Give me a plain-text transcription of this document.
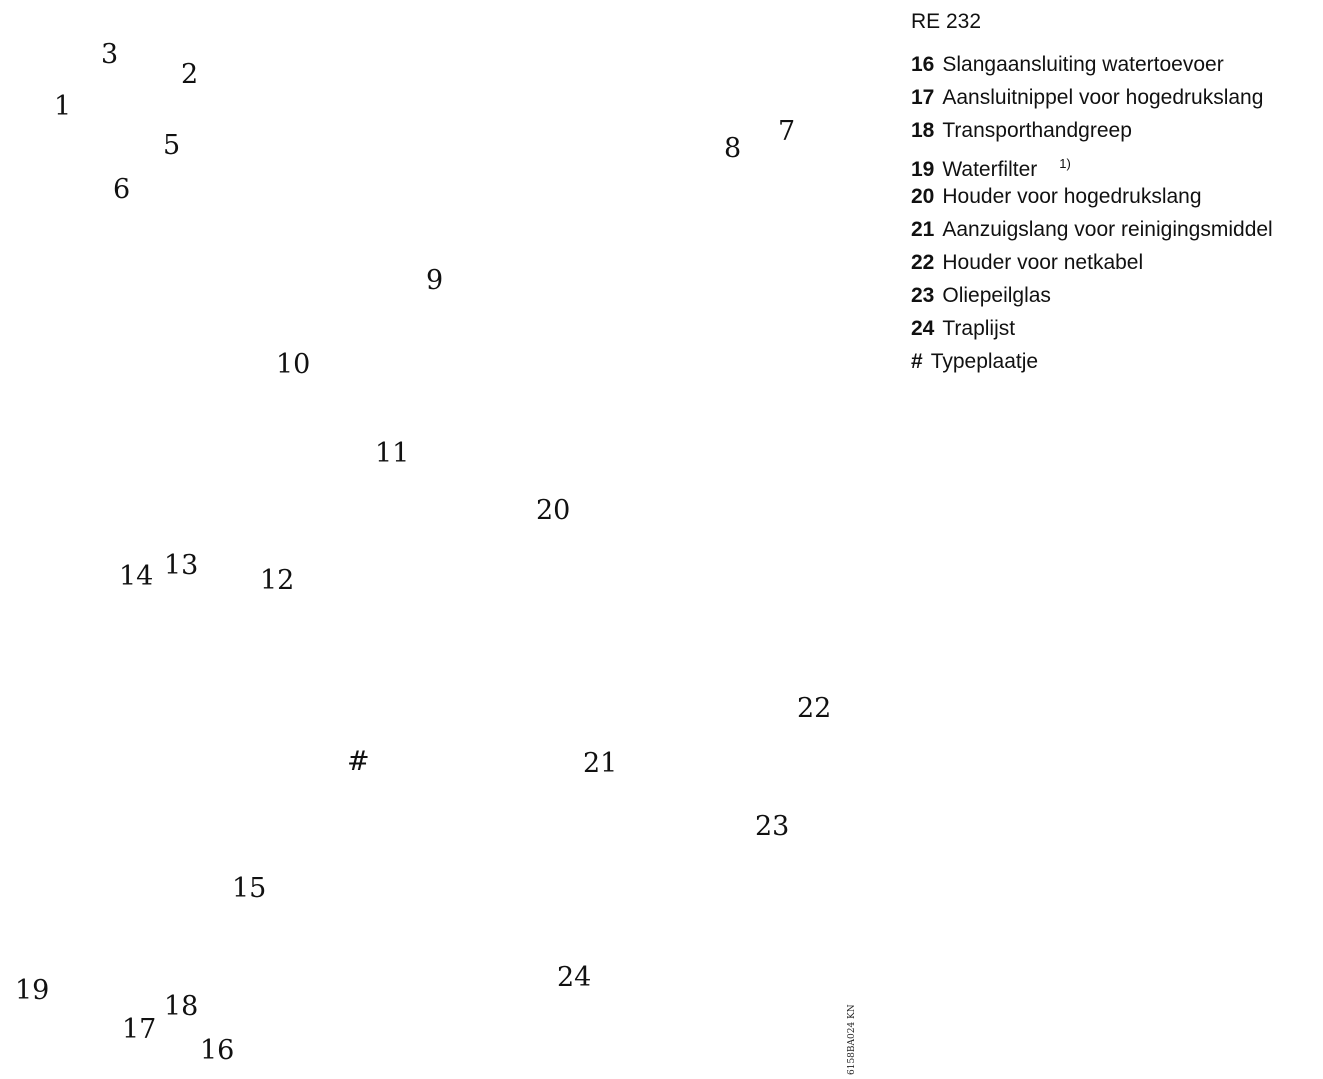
1
2
3
5
6
7
8
9
10
11
12
13
14
15
16
17
18
19
20
21
22
23
24
#
6158BA024 KN
RE 232
16 Slangaansluiting watertoevoer
17 Aansluitnippel voor hogedrukslang
18 Transporthandgreep
19 Waterfilter $^{1)}$
20 Houder voor hogedrukslang
21 Aanzuigslang voor reinigingsmiddel
22 Houder voor netkabel
23 Oliepeilglas
24 Traplijst
# Typeplaatje
